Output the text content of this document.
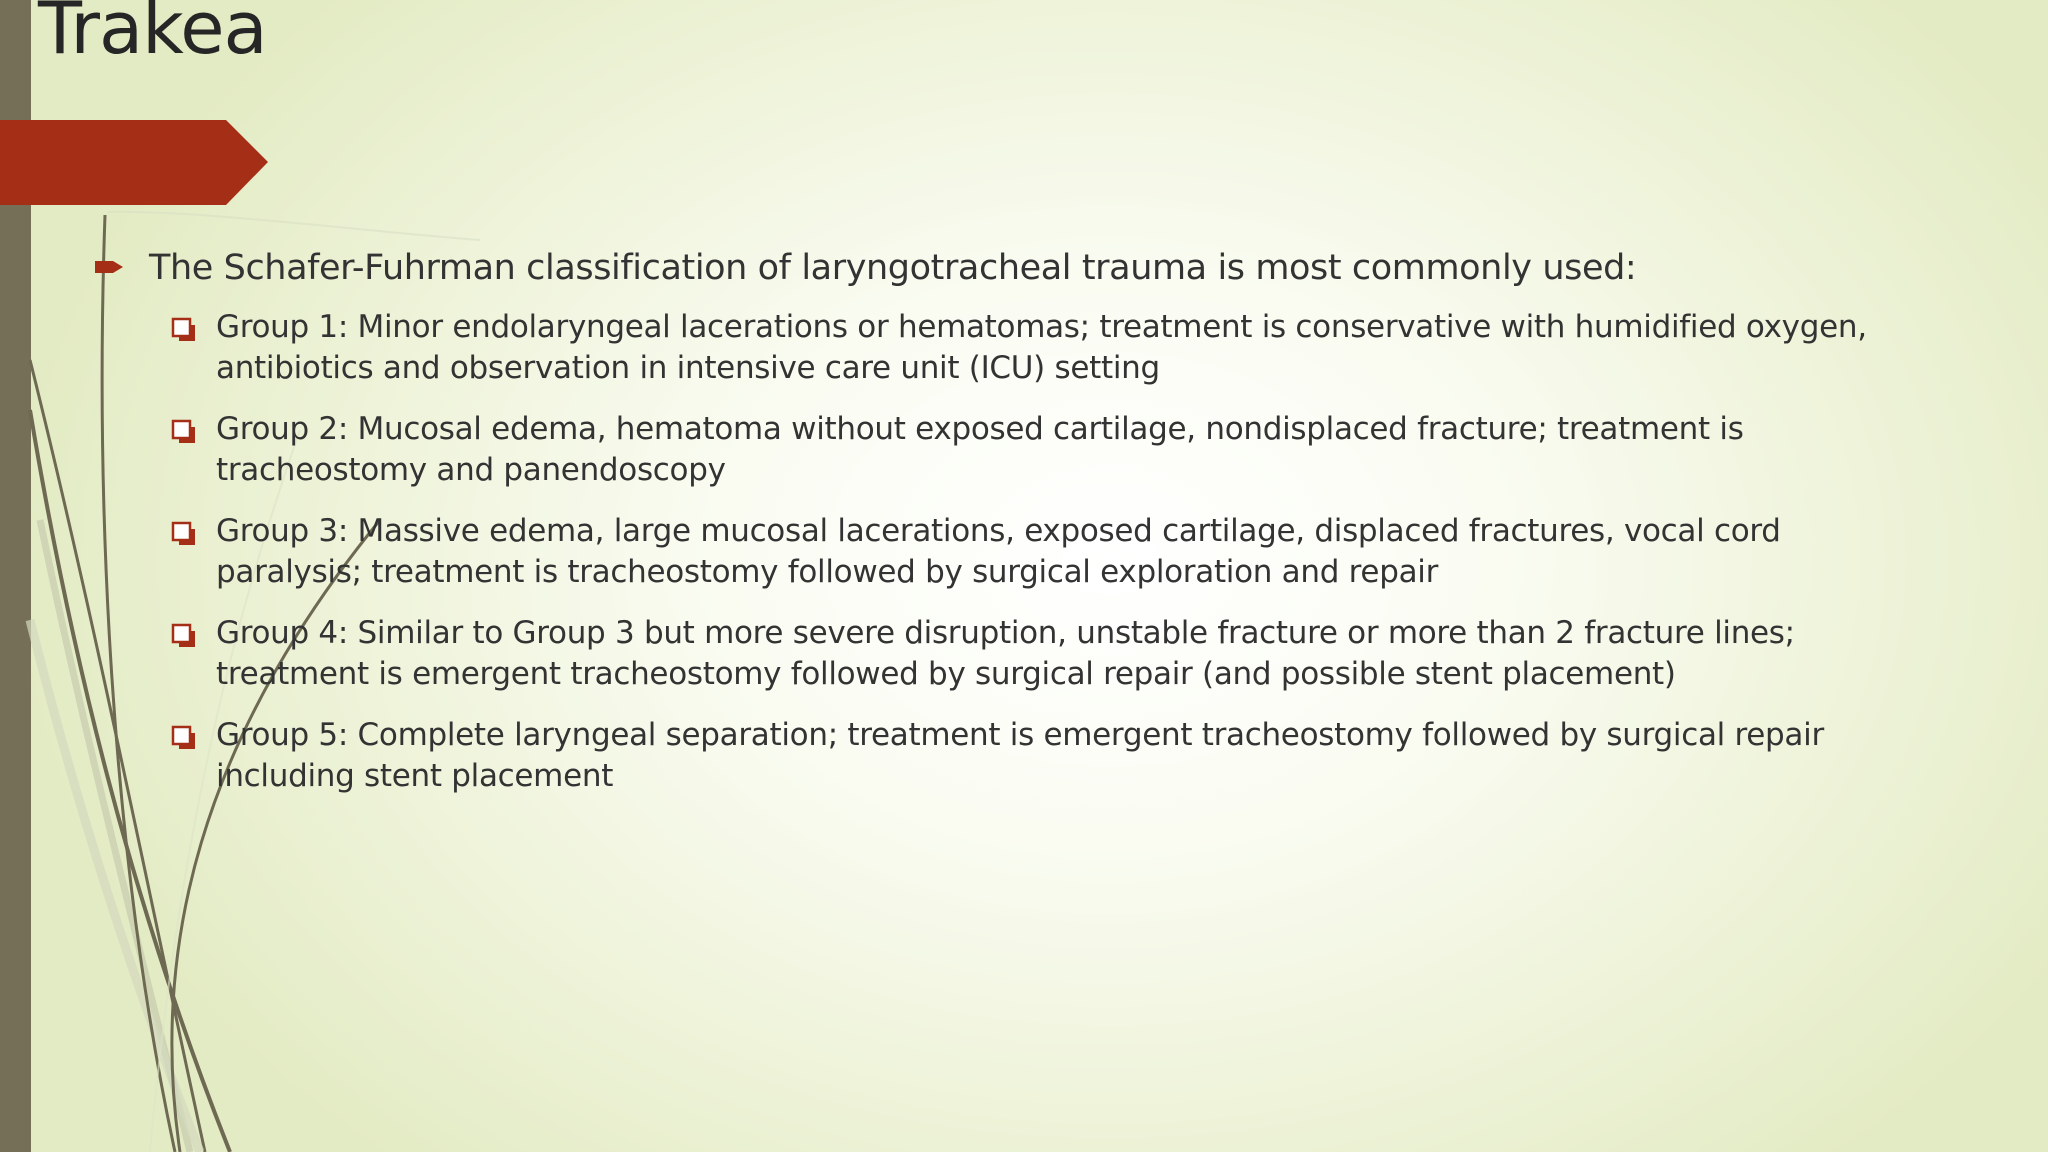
Trakea
The Schafer-Fuhrman classification of laryngotracheal trauma is most commonly used:
Group 1: Minor endolaryngeal lacerations or hematomas; treatment is conservative with humidified oxygen, antibiotics and observation in intensive care unit (ICU) setting
Group 2: Mucosal edema, hematoma without exposed cartilage, nondisplaced fracture; treatment is tracheostomy and panendoscopy
Group 3: Massive edema, large mucosal lacerations, exposed cartilage, displaced fractures, vocal cord paralysis; treatment is tracheostomy followed by surgical exploration and repair
Group 4: Similar to Group 3 but more severe disruption, unstable fracture or more than 2 fracture lines; treatment is emergent tracheostomy followed by surgical repair (and possible stent placement)
Group 5: Complete laryngeal separation; treatment is emergent tracheostomy followed by surgical repair including stent placement
